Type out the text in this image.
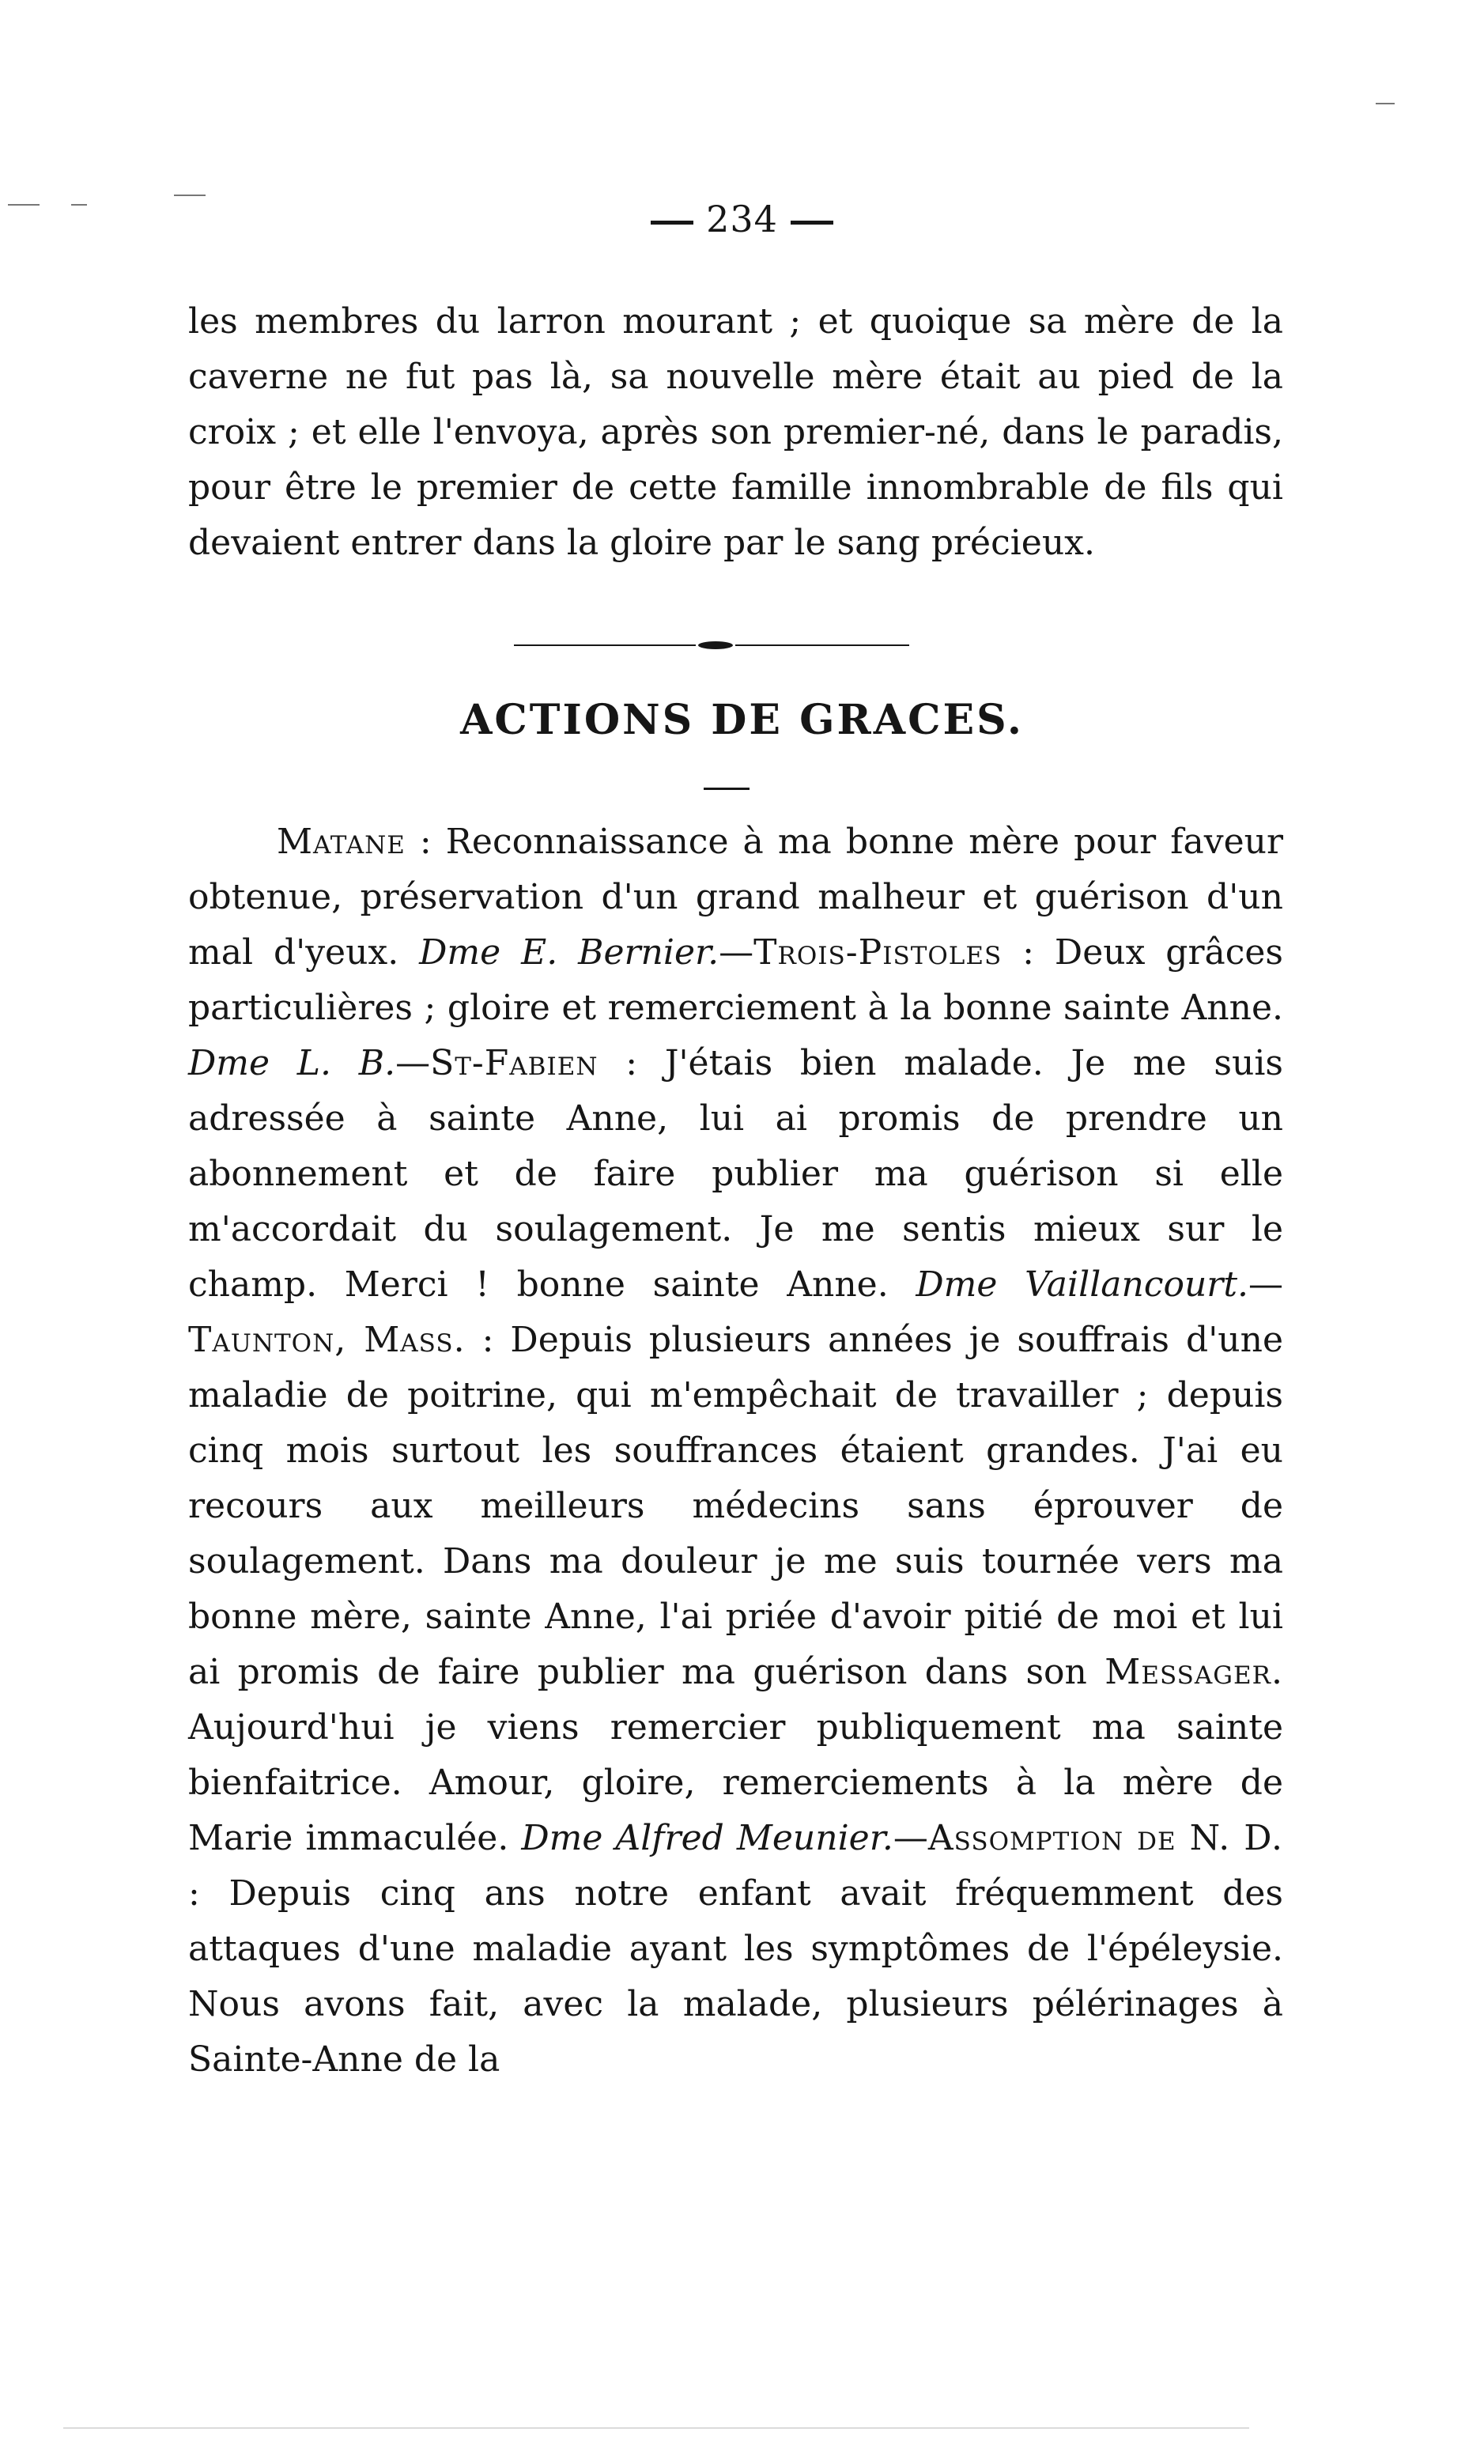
234

les membres du larron mourant ; et quoique sa mère de la caverne ne fut pas là, sa nouvelle mère était au pied de la croix ; et elle l'envoya, après son premier-né, dans le paradis, pour être le premier de cette famille innombrable de fils qui devaient entrer dans la gloire par le sang précieux.

ACTIONS DE GRACES.

Matane : Reconnaissance à ma bonne mère pour faveur obtenue, préservation d'un grand malheur et guérison d'un mal d'yeux. Dme E. Bernier.—Trois-Pistoles : Deux grâces particulières ; gloire et remerciement à la bonne sainte Anne. Dme L. B.—St-Fabien : J'étais bien malade. Je me suis adressée à sainte Anne, lui ai promis de prendre un abonnement et de faire publier ma guérison si elle m'accordait du soulagement. Je me sentis mieux sur le champ. Merci ! bonne sainte Anne. Dme Vaillancourt.—Taunton, Mass. : Depuis plusieurs années je souffrais d'une maladie de poitrine, qui m'empêchait de travailler ; depuis cinq mois surtout les souffrances étaient grandes. J'ai eu recours aux meilleurs médecins sans éprouver de soulagement. Dans ma douleur je me suis tournée vers ma bonne mère, sainte Anne, l'ai priée d'avoir pitié de moi et lui ai promis de faire publier ma guérison dans son Messager. Aujourd'hui je viens remercier publiquement ma sainte bienfaitrice. Amour, gloire, remerciements à la mère de Marie immaculée. Dme Alfred Meunier.—Assomption de N. D. : Depuis cinq ans notre enfant avait fréquemment des attaques d'une maladie ayant les symptômes de l'épéleysie. Nous avons fait, avec la malade, plusieurs pélérinages à Sainte-Anne de la
